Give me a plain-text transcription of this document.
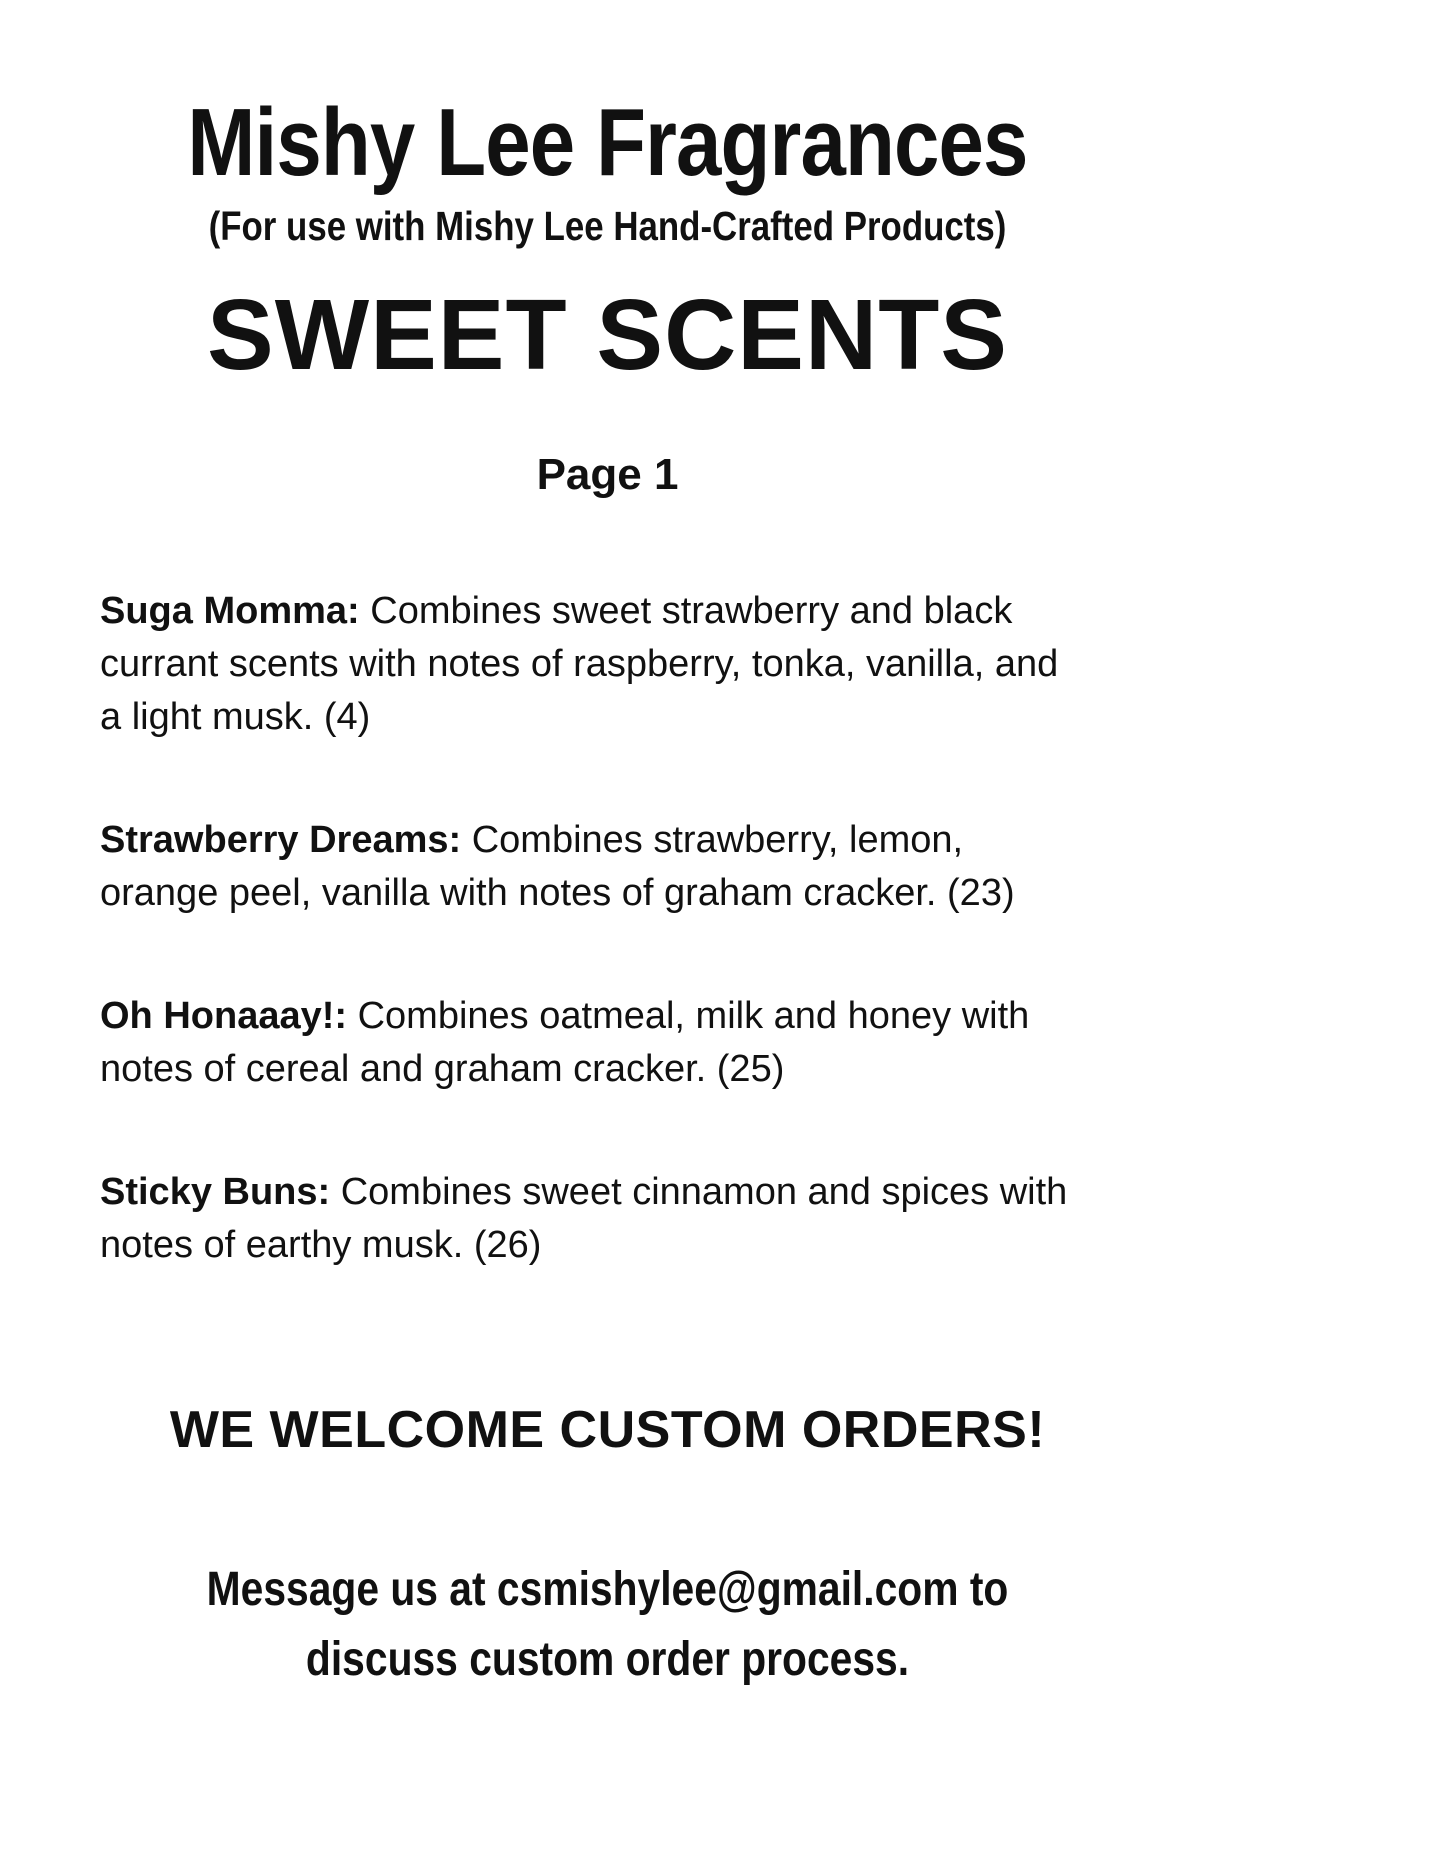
Mishy Lee Fragrances
(For use with Mishy Lee Hand-Crafted Products)
SWEET SCENTS
Page 1

Suga Momma: Combines sweet strawberry and black currant scents with notes of raspberry, tonka, vanilla, and a light musk. (4)

Strawberry Dreams: Combines strawberry, lemon, orange peel, vanilla with notes of graham cracker. (23)

Oh Honaaay!: Combines oatmeal, milk and honey with notes of cereal and graham cracker. (25)

Sticky Buns: Combines sweet cinnamon and spices with notes of earthy musk. (26)

WE WELCOME CUSTOM ORDERS!
Message us at csmishylee@gmail.com to discuss custom order process.
